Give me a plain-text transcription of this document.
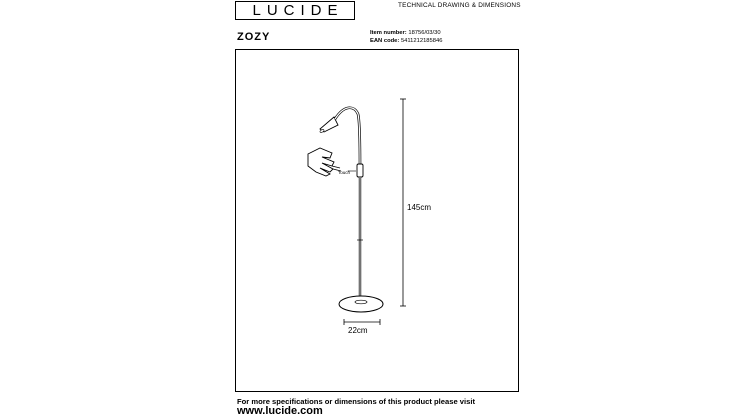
LUCIDE	TECHNICAL DRAWING & DIMENSIONS
ZOZY	Item number: 18756/03/30
EAN code: 5411212185846
Touch
145cm
22cm
For more specifications or dimensions of this product please visit
www.lucide.com
